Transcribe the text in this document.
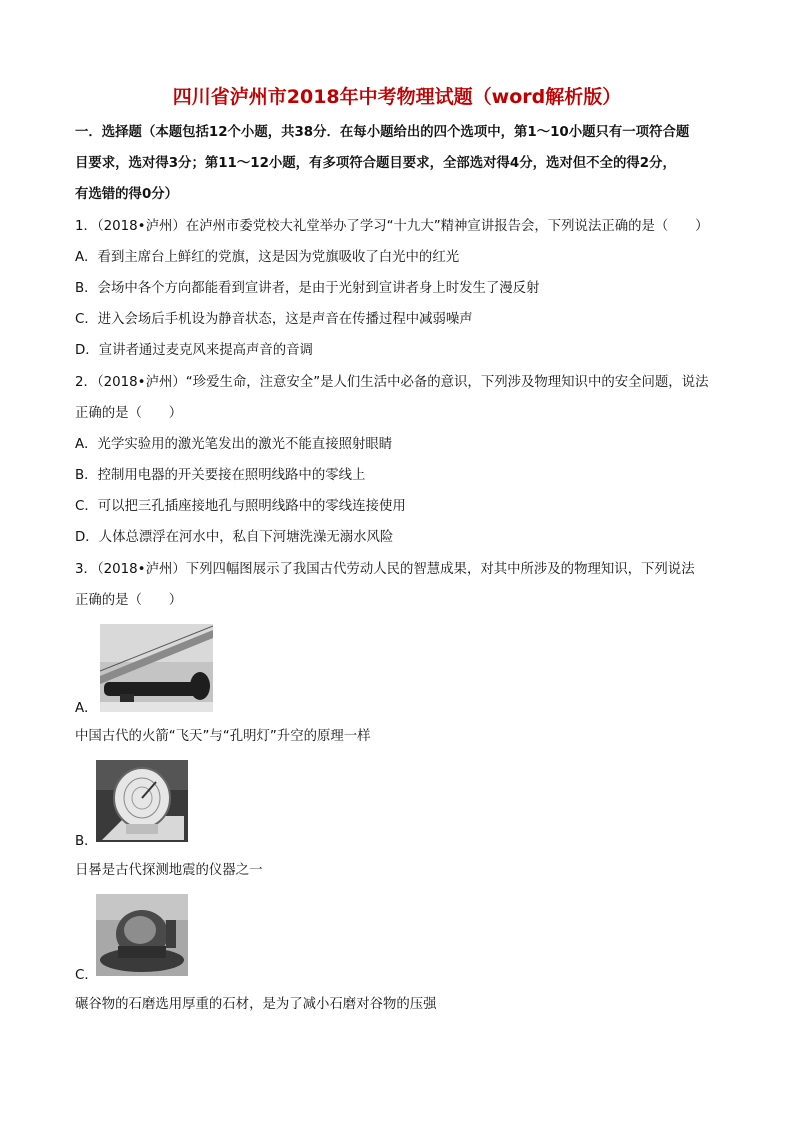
四川省泸州市2018年中考物理试题（word解析版）
一．选择题（本题包括12个小题，共38分．在每小题给出的四个选项中，第1～10小题只有一项符合题
目要求，选对得3分；第11～12小题，有多项符合题目要求，全部选对得4分，选对但不全的得2分，
有选错的得0分）
1．（2018•泸州）在泸州市委党校大礼堂举办了学习“十九大”精神宣讲报告会，下列说法正确的是（　　）
A．看到主席台上鲜红的党旗，这是因为党旗吸收了白光中的红光
B．会场中各个方向都能看到宣讲者，是由于光射到宣讲者身上时发生了漫反射
C．进入会场后手机设为静音状态，这是声音在传播过程中减弱噪声
D．宣讲者通过麦克风来提高声音的音调
2．（2018•泸州）“珍爱生命，注意安全”是人们生活中必备的意识，下列涉及物理知识中的安全问题，说法
正确的是（　　）
A．光学实验用的激光笔发出的激光不能直接照射眼睛
B．控制用电器的开关要接在照明线路中的零线上
C．可以把三孔插座接地孔与照明线路中的零线连接使用
D．人体总漂浮在河水中，私自下河塘洗澡无溺水风险
3．（2018•泸州）下列四幅图展示了我国古代劳动人民的智慧成果，对其中所涉及的物理知识，下列说法
正确的是（　　）
A．
中国古代的火箭“飞天”与“孔明灯”升空的原理一样
B．
日晷是古代探测地震的仪器之一
C．
碾谷物的石磨选用厚重的石材，是为了减小石磨对谷物的压强
